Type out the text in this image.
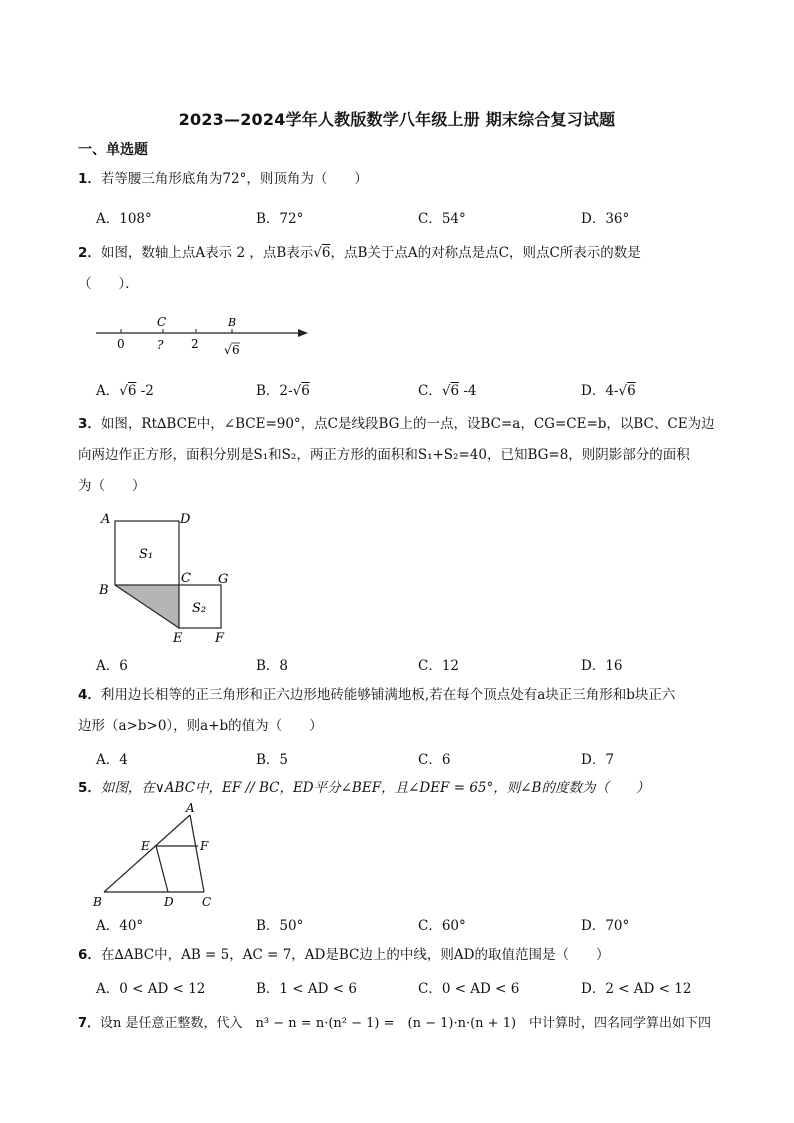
2023—2024学年人教版数学八年级上册 期末综合复习试题
一、单选题
1．若等腰三角形底角为72°，则顶角为（　　）
A．108°	B．72°	C．54°	D．36°
2．如图，数轴上点A表示 2 ，点B表示√6，点B关于点A的对称点是点C，则点C所表示的数是
（　　）．
C	B
0	? 2 √ 6
A．√6 -2	B．2-√6	C．√6 -4	D．4-√6
3．如图，Rt∆BCE中，∠BCE=90°，点C是线段BG上的一点，设BC=a，CG=CE=b，以BC、CE为边
向两边作正方形，面积分别是S₁和S₂，两正方形的面积和S₁+S₂=40，已知BG=8，则阴影部分的面积
为（　　）
A	D
S₁
C G
B
S₂
E	F
A．6	B．8	C．12	D．16
4．利用边长相等的正三角形和正六边形地砖能够铺满地板,若在每个顶点处有a块正三角形和b块正六
边形（a>b>0），则a+b的值为（　　）
A．4	B．5	C．6	D．7
5．如图，在∨ABC中，EF // BC，ED平分∠BEF，且∠DEF = 65°，则∠B的度数为（　　）
A
E	F
B	D C
A．40°	B．50°	C．60°	D．70°
6．在∆ABC中，AB = 5，AC = 7，AD是BC边上的中线，则AD的取值范围是（　　）
A．0 < AD < 12	B．1 < AD < 6	C．0 < AD < 6	D．2 < AD < 12
7．设n 是任意正整数，代入　n³ − n = n·(n² − 1) =　(n − 1)·n·(n + 1)　中计算时，四名同学算出如下四
